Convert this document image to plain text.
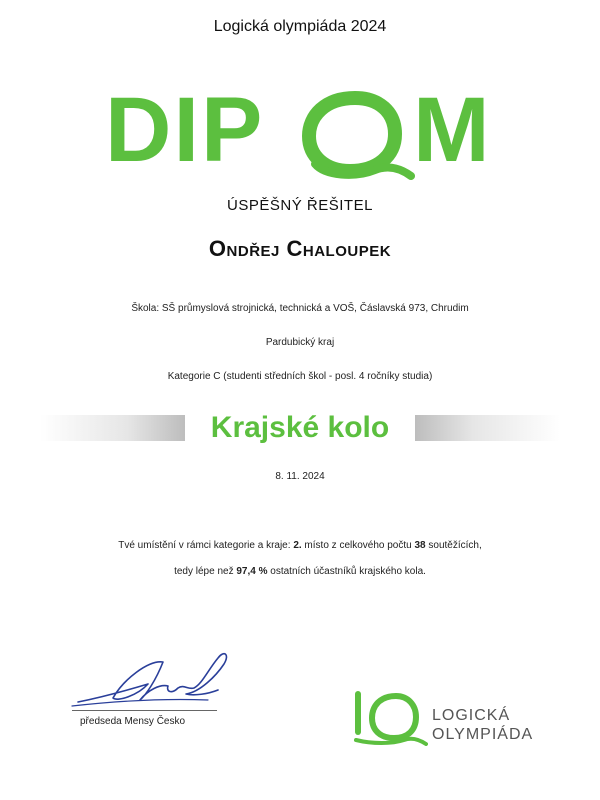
Logická olympiáda 2024
DIP M
ÚSPĚŠNÝ ŘEŠITEL
Ondřej Chaloupek
Škola: SŠ průmyslová strojnická, technická a VOŠ, Čáslavská 973, Chrudim
Pardubický kraj
Kategorie C (studenti středních škol - posl. 4 ročníky studia)
Krajské kolo
8. 11. 2024
Tvé umístění v rámci kategorie a kraje: 2. místo z celkového počtu 38 soutěžících,
tedy lépe než 97,4 % ostatních účastníků krajského kola.
předseda Mensy Česko	LOGICKÁ
OLYMPIÁDA
